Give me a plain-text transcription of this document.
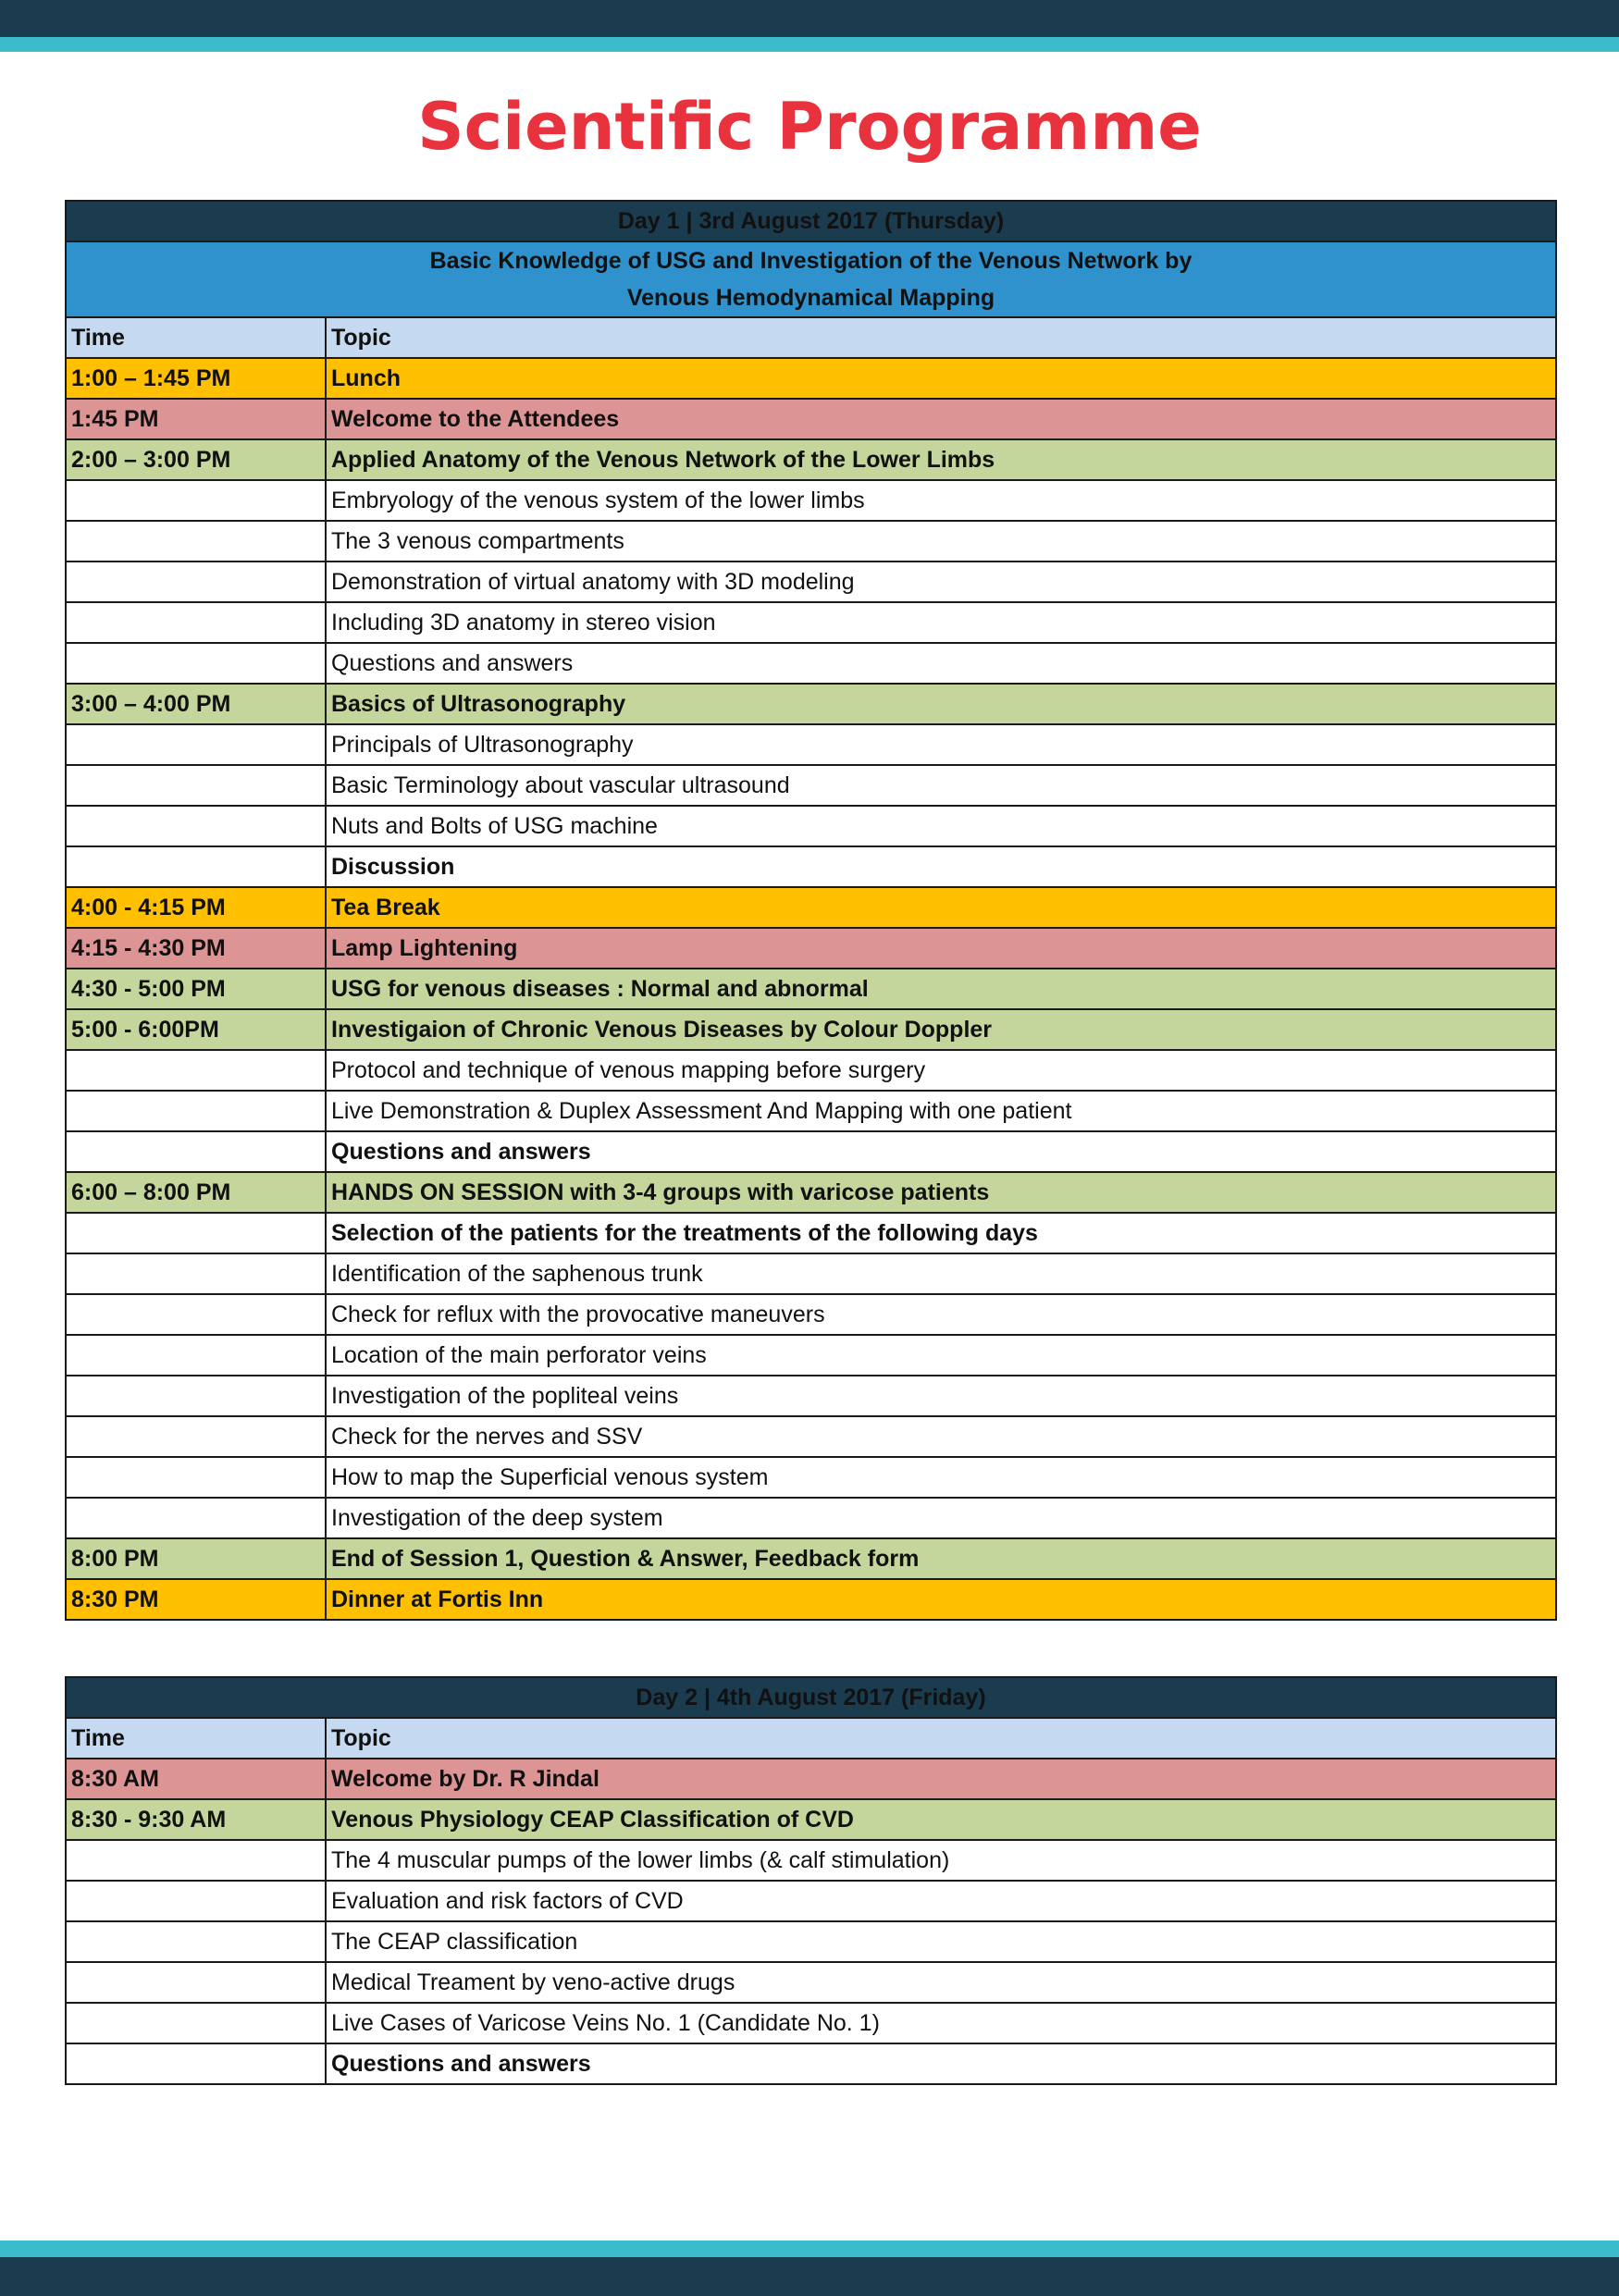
Scientific Programme
Day 1 | 3rd August 2017 (Thursday)	

Basic Knowledge of USG and Investigation of the Venous Network by
Venous Hemodynamical Mapping	

Time	Topic
1:00 – 1:45 PM	Lunch
1:45 PM	Welcome to the Attendees
2:00 – 3:00 PM	Applied Anatomy of the Venous Network of the Lower Limbs
	Embryology of the venous system of the lower limbs
	The 3 venous compartments
	Demonstration of virtual anatomy with 3D modeling
	Including 3D anatomy in stereo vision
	Questions and answers
3:00 – 4:00 PM	Basics of Ultrasonography
	Principals of Ultrasonography
	Basic Terminology about vascular ultrasound
	Nuts and Bolts of USG machine
	Discussion
4:00 - 4:15 PM	Tea Break
4:15 - 4:30 PM	Lamp Lightening
4:30 - 5:00 PM	USG for venous diseases : Normal and abnormal
5:00 - 6:00PM	Investigaion of Chronic Venous Diseases by Colour Doppler
	Protocol and technique of venous mapping before surgery
	Live Demonstration & Duplex Assessment And Mapping with one patient
	Questions and answers
6:00 – 8:00 PM	HANDS ON SESSION with 3-4 groups with varicose patients
	Selection of the patients for the treatments of the following days
	Identification of the saphenous trunk
	Check for reflux with the provocative maneuvers
	Location of the main perforator veins
	Investigation of the popliteal veins
	Check for the nerves and SSV
	How to map the Superficial venous system
	Investigation of the deep system
8:00 PM	End of Session 1, Question & Answer, Feedback form
8:30 PM	Dinner at Fortis Inn
Day 2 | 4th August 2017 (Friday)	
Time	Topic
8:30 AM	Welcome by Dr. R Jindal
8:30 - 9:30 AM	Venous Physiology CEAP Classification of CVD
	The 4 muscular pumps of the lower limbs (& calf stimulation)
	Evaluation and risk factors of CVD
	The CEAP classification
	Medical Treament by veno-active drugs
	Live Cases of Varicose Veins No. 1 (Candidate No. 1)
	Questions and answers
